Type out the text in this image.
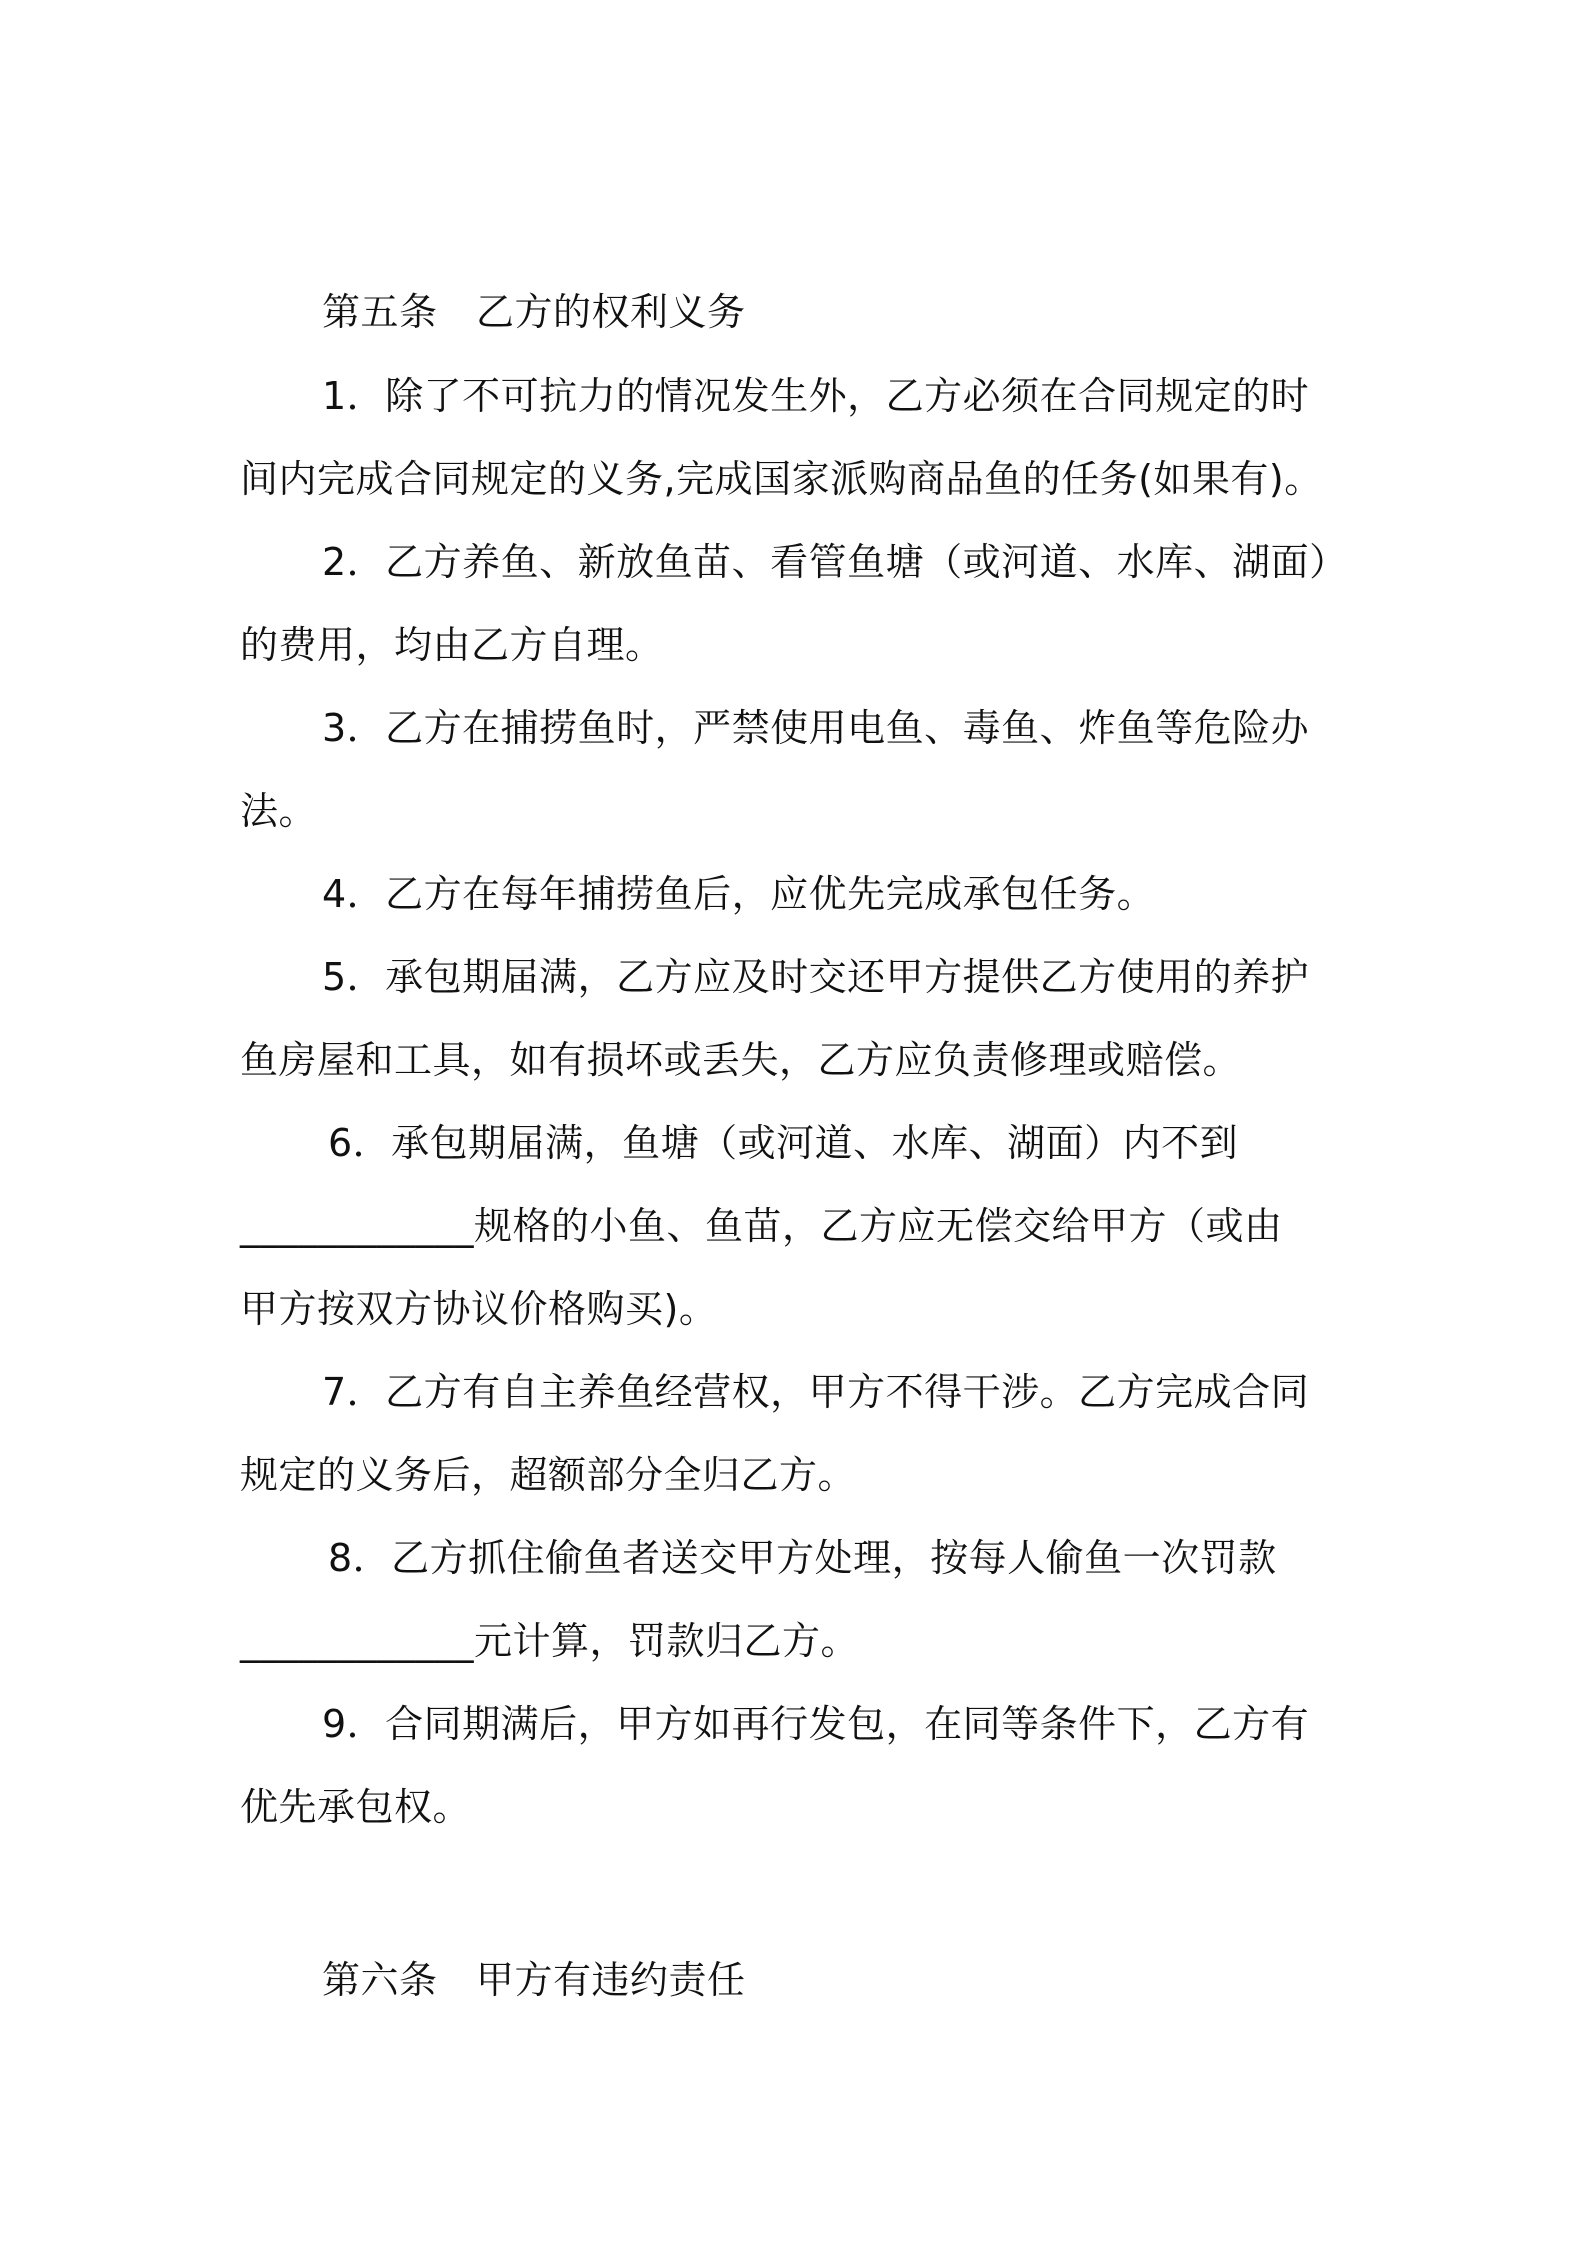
第五条　乙方的权利义务
1．除了不可抗力的情况发生外，乙方必须在合同规定的时
间内完成合同规定的义务,完成国家派购商品鱼的任务(如果有)。
2．乙方养鱼、新放鱼苗、看管鱼塘（或河道、水库、湖面）
的费用，均由乙方自理。
3．乙方在捕捞鱼时，严禁使用电鱼、毒鱼、炸鱼等危险办
法。
4．乙方在每年捕捞鱼后，应优先完成承包任务。
5．承包期届满，乙方应及时交还甲方提供乙方使用的养护
鱼房屋和工具，如有损坏或丢失，乙方应负责修理或赔偿。
6．承包期届满，鱼塘（或河道、水库、湖面）内不到
____________规格的小鱼、鱼苗，乙方应无偿交给甲方（或由
甲方按双方协议价格购买)。
7．乙方有自主养鱼经营权，甲方不得干涉。乙方完成合同
规定的义务后，超额部分全归乙方。
8．乙方抓住偷鱼者送交甲方处理，按每人偷鱼一次罚款
____________元计算，罚款归乙方。
9．合同期满后，甲方如再行发包，在同等条件下，乙方有
优先承包权。
第六条　甲方有违约责任
